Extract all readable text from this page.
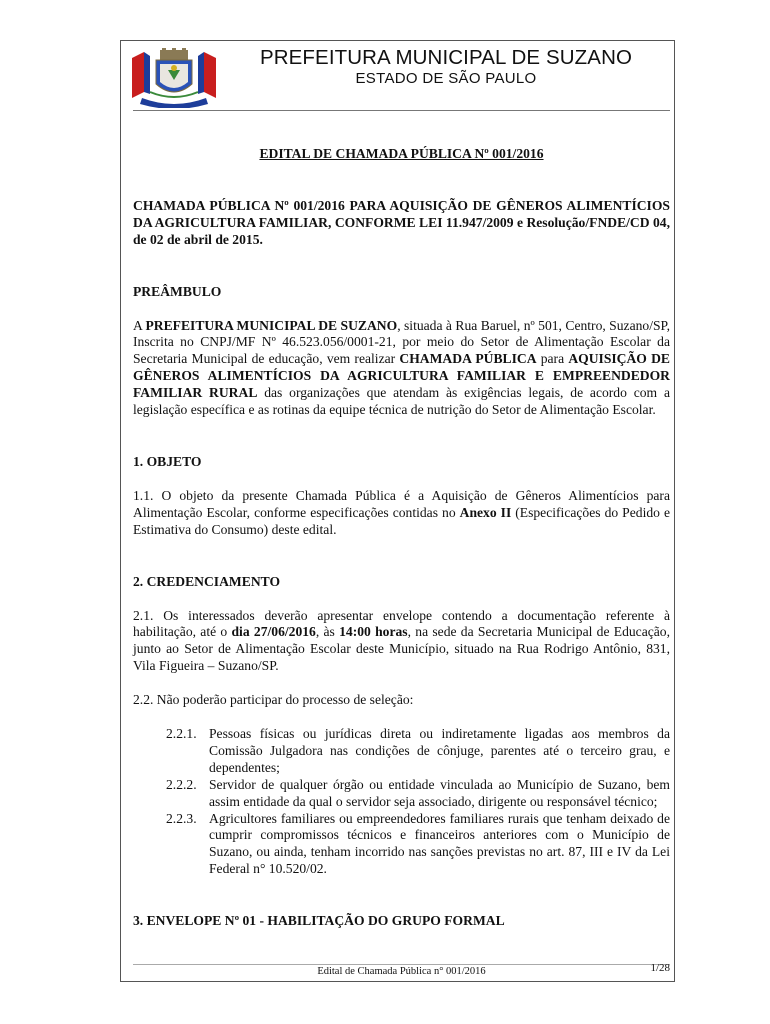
PREFEITURA MUNICIPAL DE SUZANO
ESTADO DE SÃO PAULO
EDITAL DE CHAMADA PÚBLICA Nº 001/2016
CHAMADA PÚBLICA Nº 001/2016 PARA AQUISIÇÃO DE GÊNEROS ALIMENTÍCIOS DA AGRICULTURA FAMILIAR, CONFORME LEI 11.947/2009 e Resolução/FNDE/CD 04, de 02 de abril de 2015.
PREÂMBULO

A PREFEITURA MUNICIPAL DE SUZANO, situada à Rua Baruel, nº 501, Centro, Suzano/SP, Inscrita no CNPJ/MF Nº 46.523.056/0001-21, por meio do Setor de Alimentação Escolar da Secretaria Municipal de educação, vem realizar CHAMADA PÚBLICA para AQUISIÇÃO DE GÊNEROS ALIMENTÍCIOS DA AGRICULTURA FAMILIAR E EMPREENDEDOR FAMILIAR RURAL das organizações que atendam às exigências legais, de acordo com a legislação específica e as rotinas da equipe técnica de nutrição do Setor de Alimentação Escolar.

1. OBJETO

1.1. O objeto da presente Chamada Pública é a Aquisição de Gêneros Alimentícios para Alimentação Escolar, conforme especificações contidas no Anexo II (Especificações do Pedido e Estimativa do Consumo) deste edital.

2. CREDENCIAMENTO

2.1. Os interessados deverão apresentar envelope contendo a documentação referente à habilitação, até o dia 27/06/2016, às 14:00 horas, na sede da Secretaria Municipal de Educação, junto ao Setor de Alimentação Escolar deste Município, situado na Rua Rodrigo Antônio, 831, Vila Figueira – Suzano/SP.

2.2. Não poderão participar do processo de seleção:

2.2.1. Pessoas físicas ou jurídicas direta ou indiretamente ligadas aos membros da Comissão Julgadora nas condições de cônjuge, parentes até o terceiro grau, e dependentes;
2.2.2. Servidor de qualquer órgão ou entidade vinculada ao Município de Suzano, bem assim entidade da qual o servidor seja associado, dirigente ou responsável técnico;
2.2.3. Agricultores familiares ou empreendedores familiares rurais que tenham deixado de cumprir compromissos técnicos e financeiros anteriores com o Município de Suzano, ou ainda, tenham incorrido nas sanções previstas no art. 87, III e IV da Lei Federal n° 10.520/02.
3. ENVELOPE Nº 01 - HABILITAÇÃO DO GRUPO FORMAL
Edital de Chamada Pública n° 001/2016	1/28
